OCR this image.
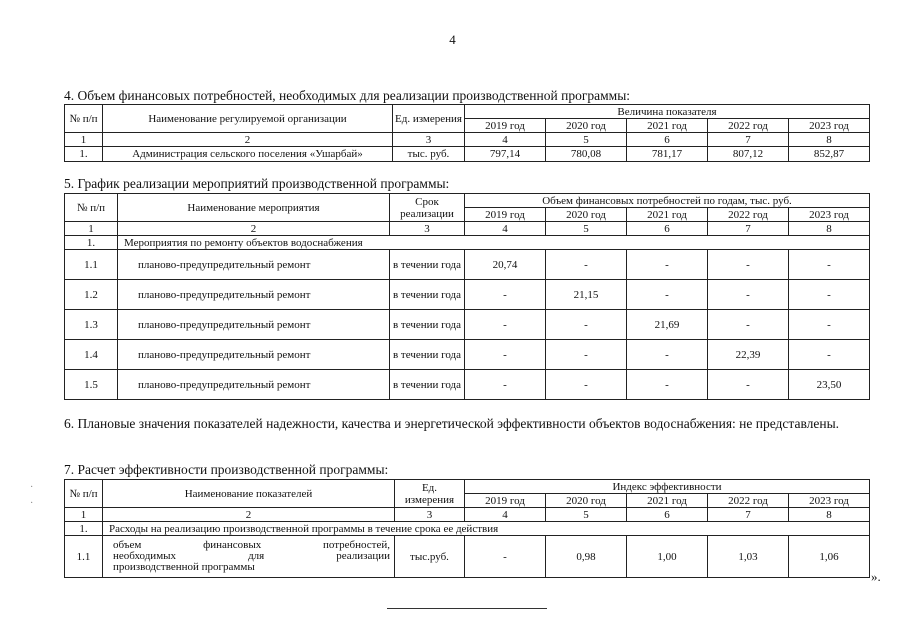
4
4. Объем финансовых потребностей, необходимых для реализации производственной программы:
№ п/п	Наименование регулируемой организации	Ед. измерения	Величина показателя				
			2019 год	2020 год	2021 год	2022 год	2023 год
1	2	3	4	5	6	7	8
1.	Администрация сельского поселения «Ушарбай»	тыс. руб.	797,14	780,08	781,17	807,12	852,87
5. График реализации мероприятий производственной программы:
№ п/п	Наименование мероприятия	Срок реализации	Объем финансовых потребностей по годам, тыс. руб.				
			2019 год	2020 год	2021 год	2022 год	2023 год
1	2	3	4	5	6	7	8
1.	Мероприятия по ремонту объектов водоснабжения						
1.1	планово-предупредительный ремонт	в течении года	20,74	-	-	-	-
1.2	планово-предупредительный ремонт	в течении года	-	21,15	-	-	-
1.3	планово-предупредительный ремонт	в течении года	-	-	21,69	-	-
1.4	планово-предупредительный ремонт	в течении года	-	-	-	22,39	-
1.5	планово-предупредительный ремонт	в течении года	-	-	-	-	23,50
6. Плановые значения показателей надежности, качества и энергетической эффективности объектов водоснабжения: не представлены.
7. Расчет эффективности производственной программы:
№ п/п	Наименование показателей	Ед. измерения	Индекс эффективности				
			2019 год	2020 год	2021 год	2022 год	2023 год
1	2	3	4	5	6	7	8
1.	Расходы на реализацию производственной программы в течение срока ее действия						
1.1	объем финансовых потребностей,
необходимых для реализации
производственной программы	тыс.руб.	-	0,98	1,00	1,03	1,06
».
·
·
